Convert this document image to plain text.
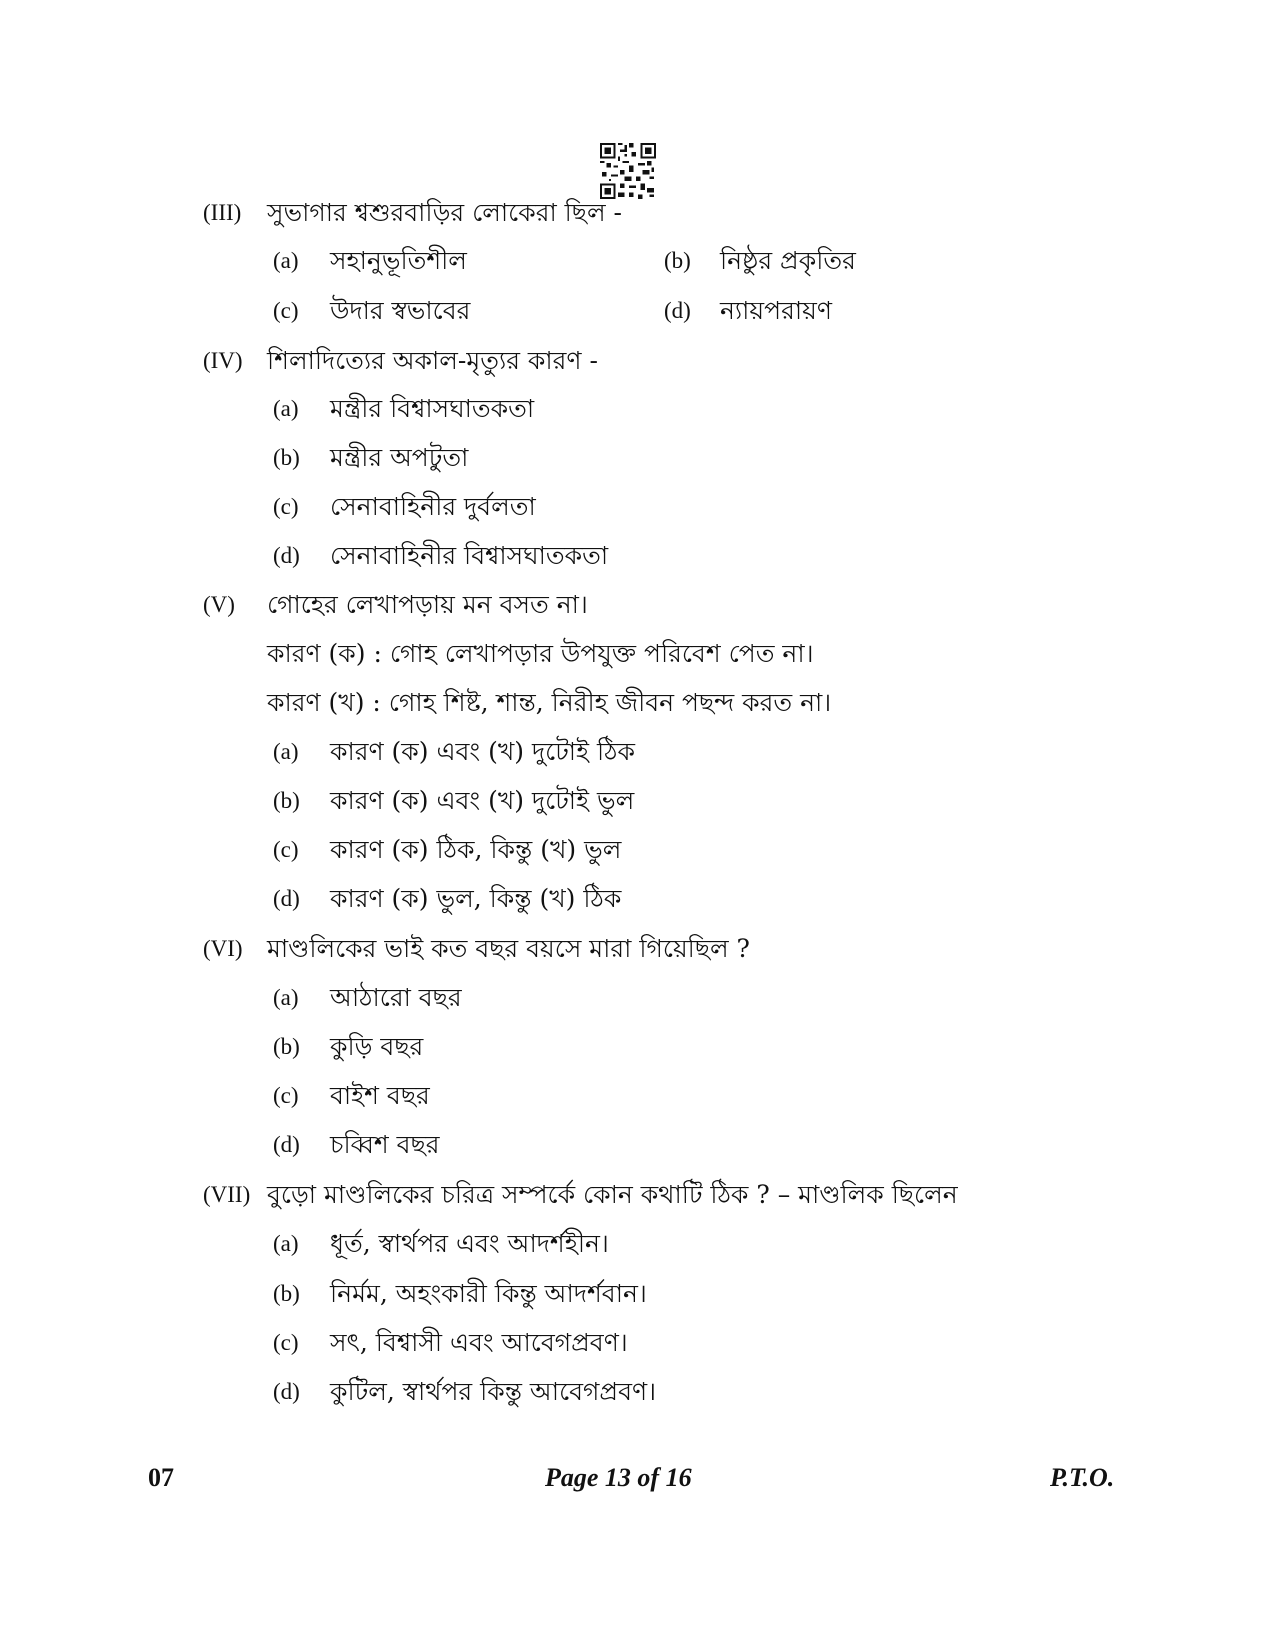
(III) সুভাগার শ্বশুরবাড়ির লোকেরা ছিল -
(a) সহানুভূতিশীল	(b) নিষ্ঠুর প্রকৃতির
(c) উদার স্বভাবের	(d) ন্যায়পরায়ণ
(IV) শিলাদিত্যের অকাল-মৃত্যুর কারণ -
(a) মন্ত্রীর বিশ্বাসঘাতকতা
(b) মন্ত্রীর অপটুতা
(c) সেনাবাহিনীর দুর্বলতা
(d) সেনাবাহিনীর বিশ্বাসঘাতকতা
(V) গোহের লেখাপড়ায় মন বসত না।
কারণ (ক) : গোহ লেখাপড়ার উপযুক্ত পরিবেশ পেত না।
কারণ (খ) : গোহ শিষ্ট, শান্ত, নিরীহ জীবন পছন্দ করত না।
(a) কারণ (ক) এবং (খ) দুটোই ঠিক
(b) কারণ (ক) এবং (খ) দুটোই ভুল
(c) কারণ (ক) ঠিক, কিন্তু (খ) ভুল
(d) কারণ (ক) ভুল, কিন্তু (খ) ঠিক
(VI) মাণ্ডলিকের ভাই কত বছর বয়সে মারা গিয়েছিল ?
(a) আঠারো বছর
(b) কুড়ি বছর
(c) বাইশ বছর
(d) চব্বিশ বছর
(VII) বুড়ো মাণ্ডলিকের চরিত্র সম্পর্কে কোন কথাটি ঠিক ? – মাণ্ডলিক ছিলেন
(a) ধূর্ত, স্বার্থপর এবং আদর্শহীন।
(b) নির্মম, অহংকারী কিন্তু আদর্শবান।
(c) সৎ, বিশ্বাসী এবং আবেগপ্রবণ।
(d) কুটিল, স্বার্থপর কিন্তু আবেগপ্রবণ।
07	Page 13 of 16	P.T.O.
